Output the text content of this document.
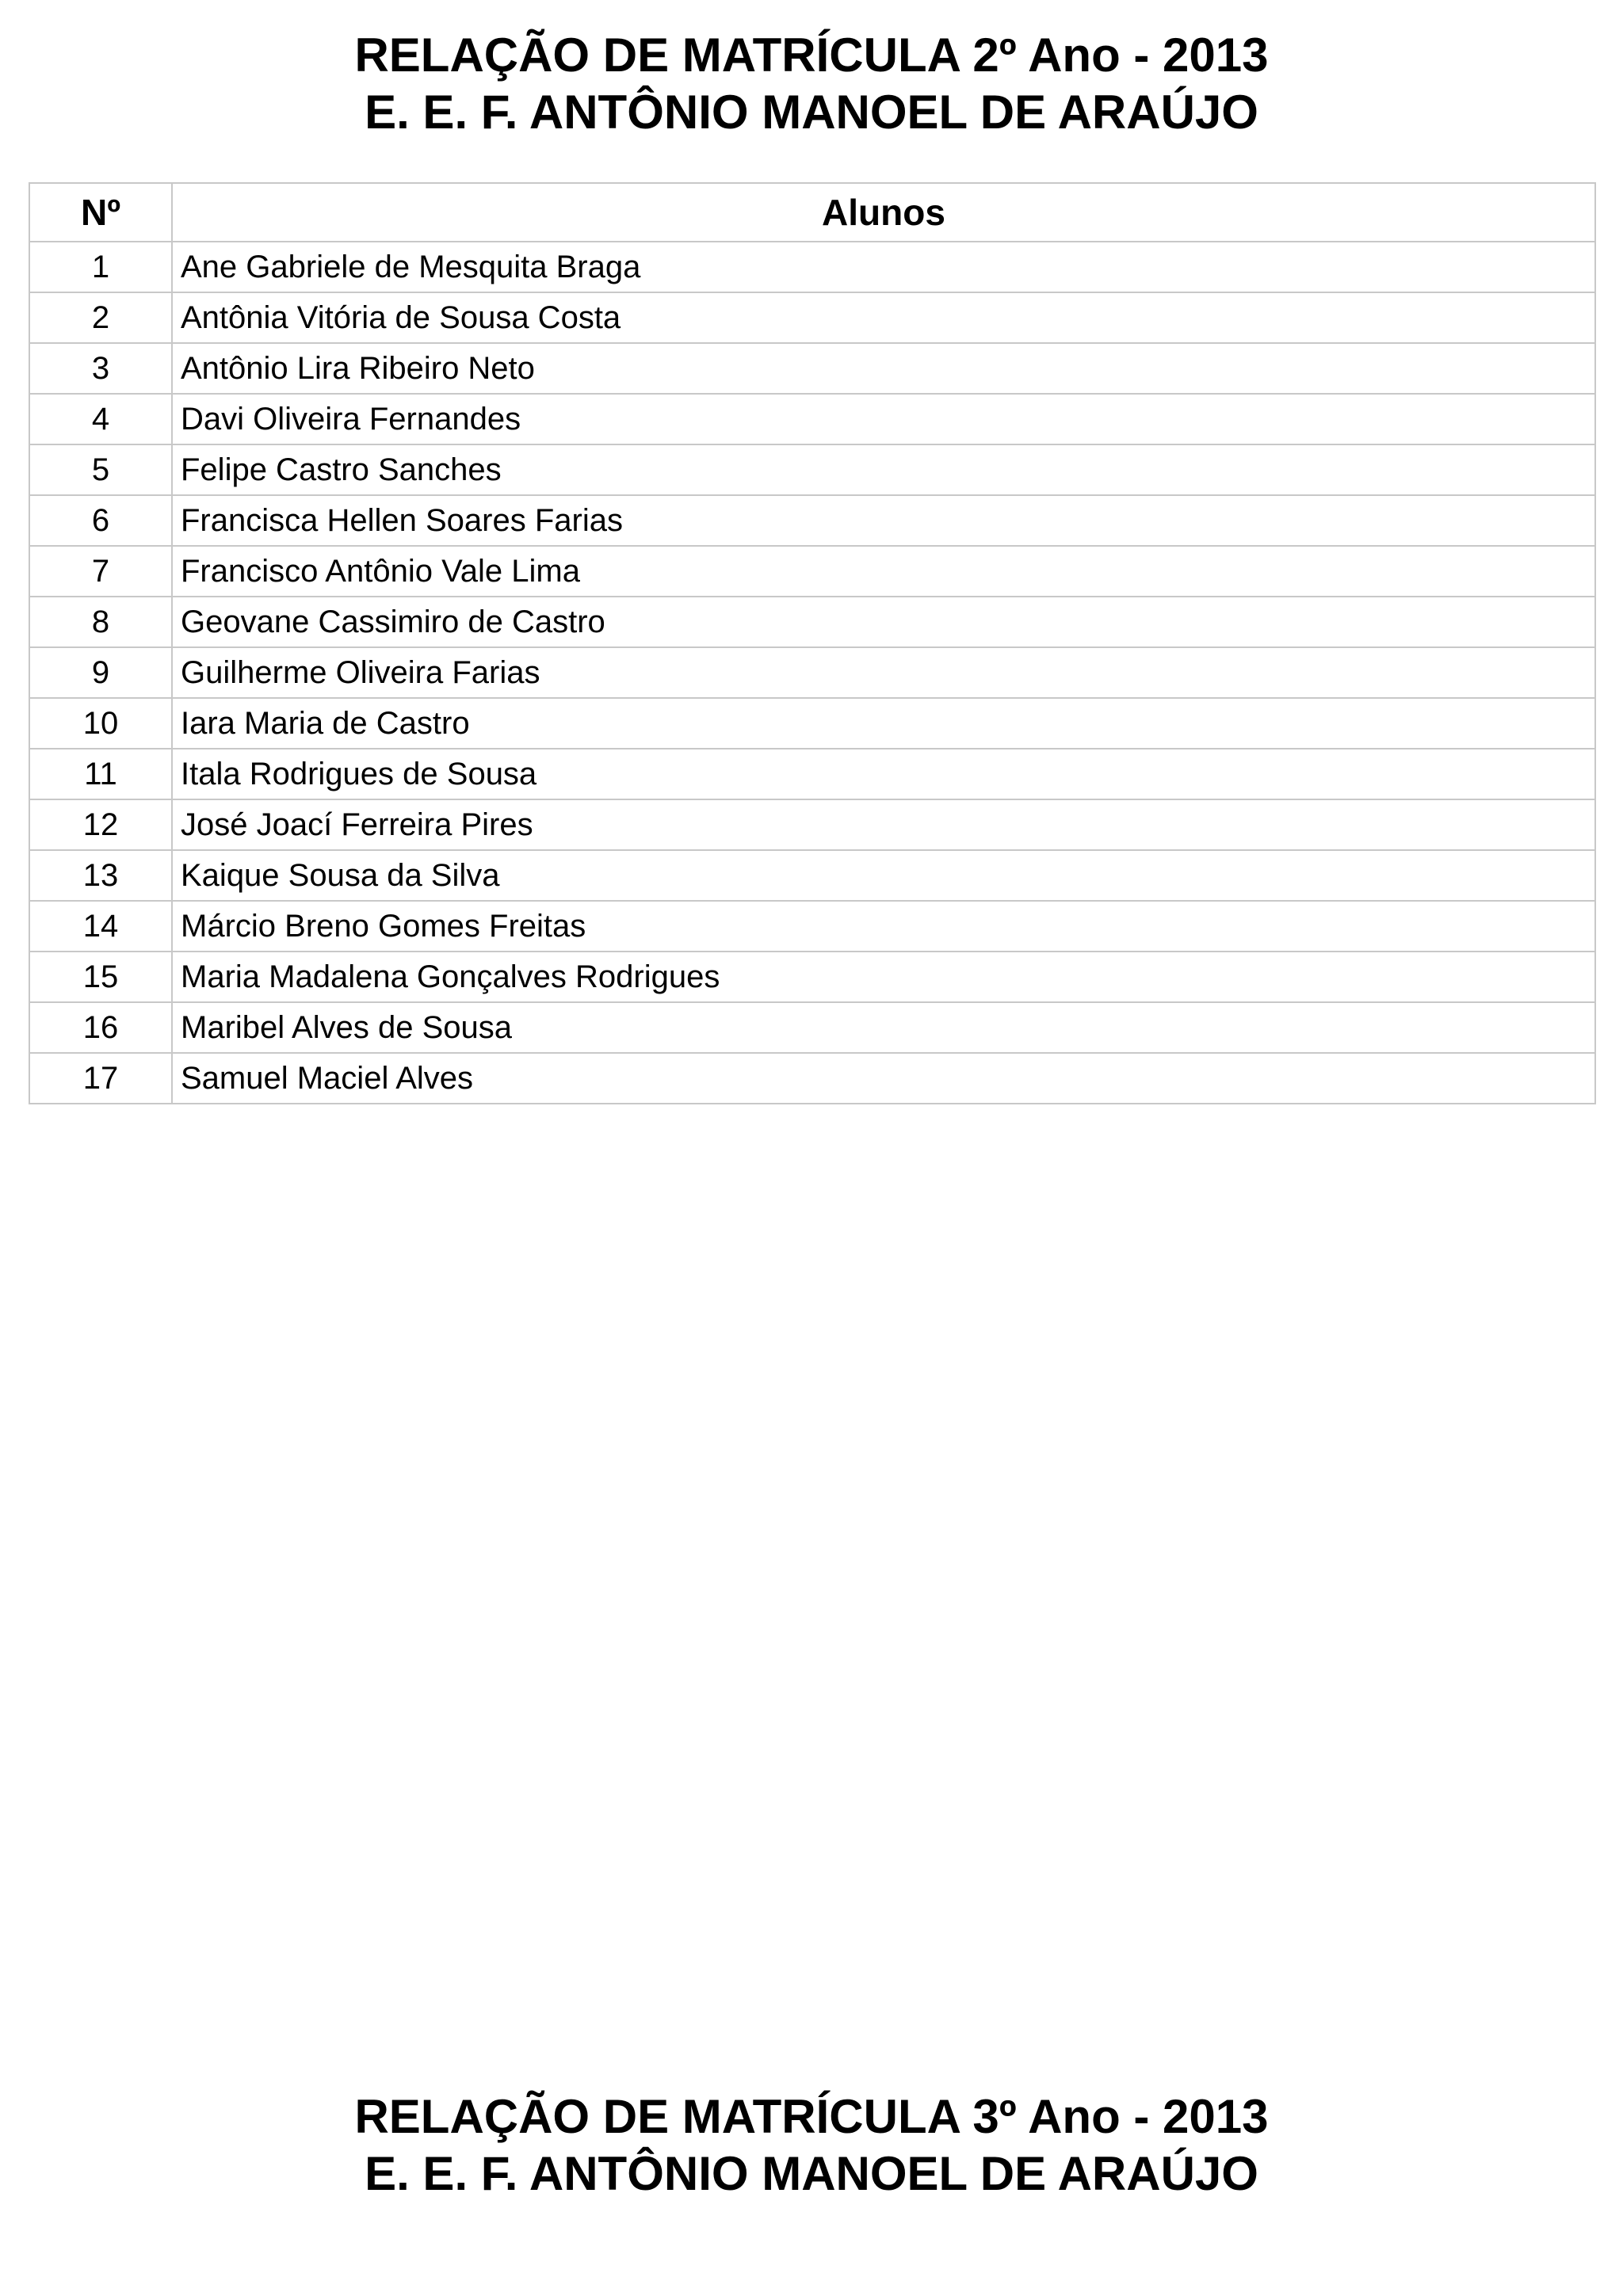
RELAÇÃO DE MATRÍCULA 2º Ano - 2013
E. E. F. ANTÔNIO MANOEL DE ARAÚJO
Nº	Alunos
1	Ane Gabriele de Mesquita Braga
2	Antônia Vitória de Sousa Costa
3	Antônio Lira Ribeiro Neto
4	Davi Oliveira Fernandes
5	Felipe Castro Sanches
6	Francisca Hellen Soares Farias
7	Francisco Antônio Vale Lima
8	Geovane Cassimiro de Castro
9	Guilherme Oliveira Farias
10	Iara Maria de Castro
11	Itala Rodrigues de Sousa
12	José Joací Ferreira Pires
13	Kaique Sousa da Silva
14	Márcio Breno Gomes Freitas
15	Maria Madalena Gonçalves Rodrigues
16	Maribel Alves de Sousa
17	Samuel Maciel Alves
RELAÇÃO DE MATRÍCULA 3º Ano - 2013
E. E. F. ANTÔNIO MANOEL DE ARAÚJO
